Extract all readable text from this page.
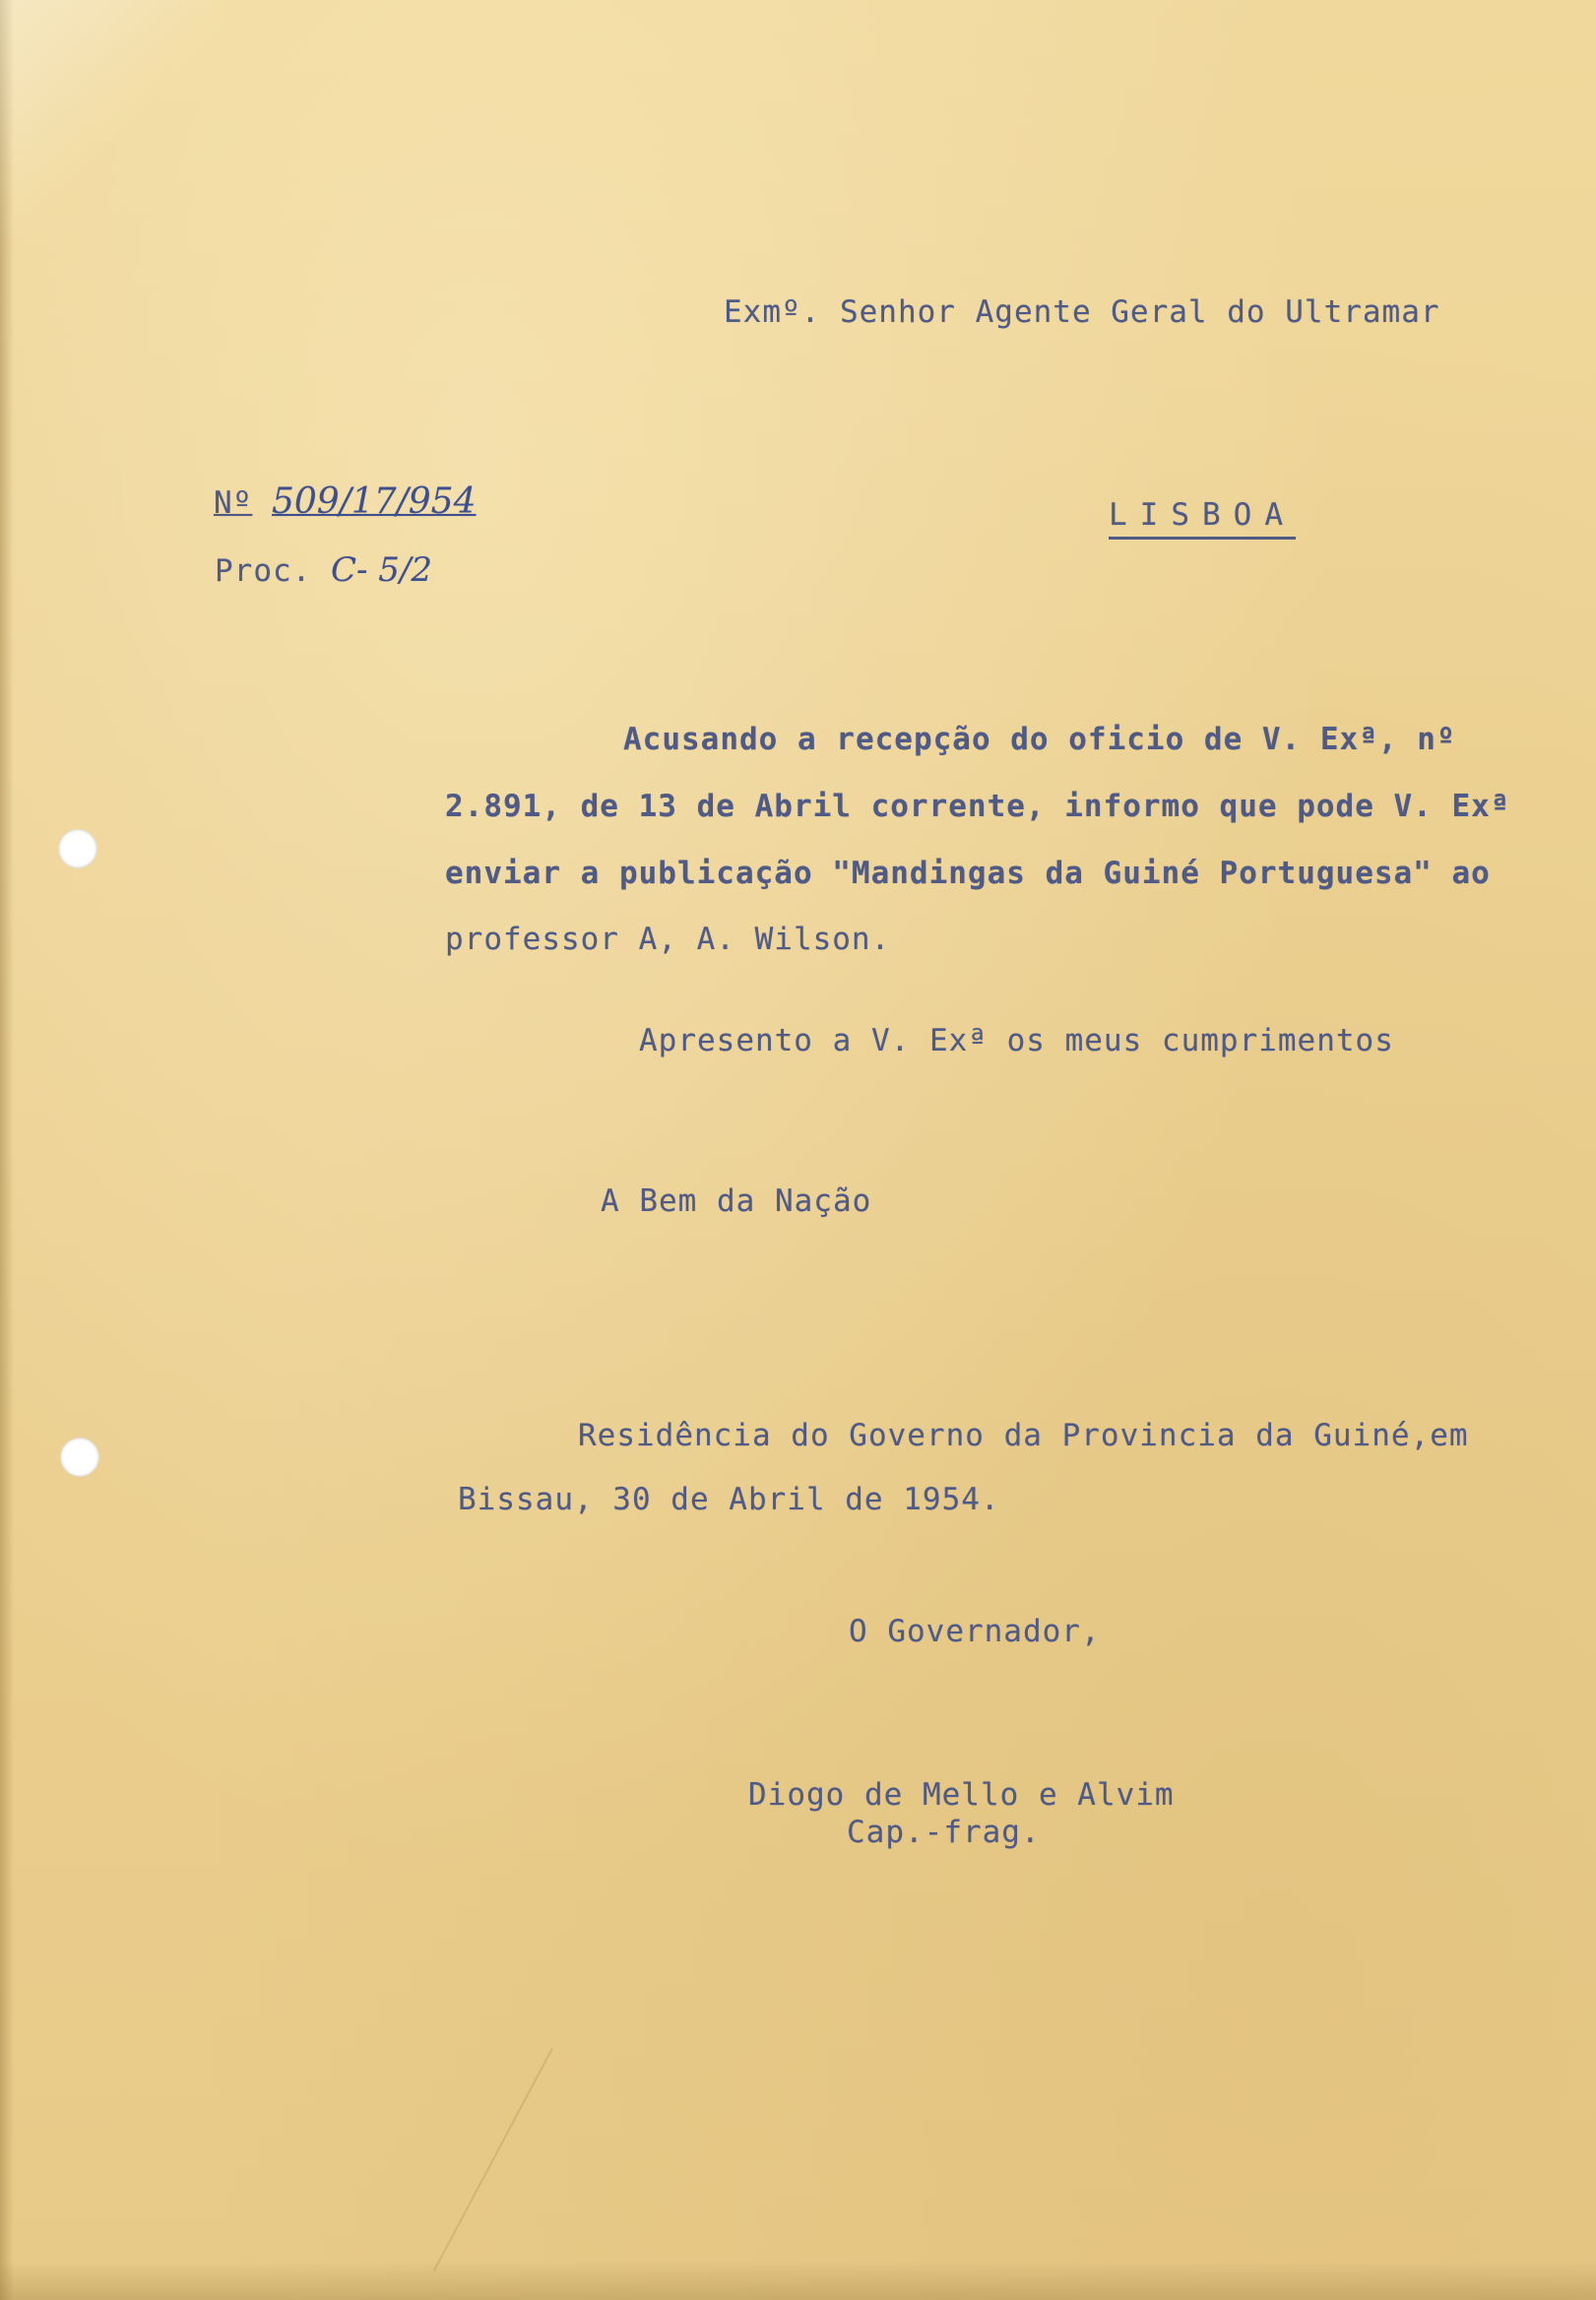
Exmº. Senhor Agente Geral do Ultramar
Nº 509/17/954
Proc. C- 5/2
LISBOA
Acusando a recepção do oficio de V. Exª, nº
2.891, de 13 de Abril corrente, informo que pode V. Exª
enviar a publicação "Mandingas da Guiné Portuguesa" ao
professor A, A. Wilson.
Apresento a V. Exª os meus cumprimentos
A Bem da Nação
Residência do Governo da Provincia da Guiné,em
Bissau, 30 de Abril de 1954.
O Governador,
Diogo de Mello e Alvim
Cap.-frag.
